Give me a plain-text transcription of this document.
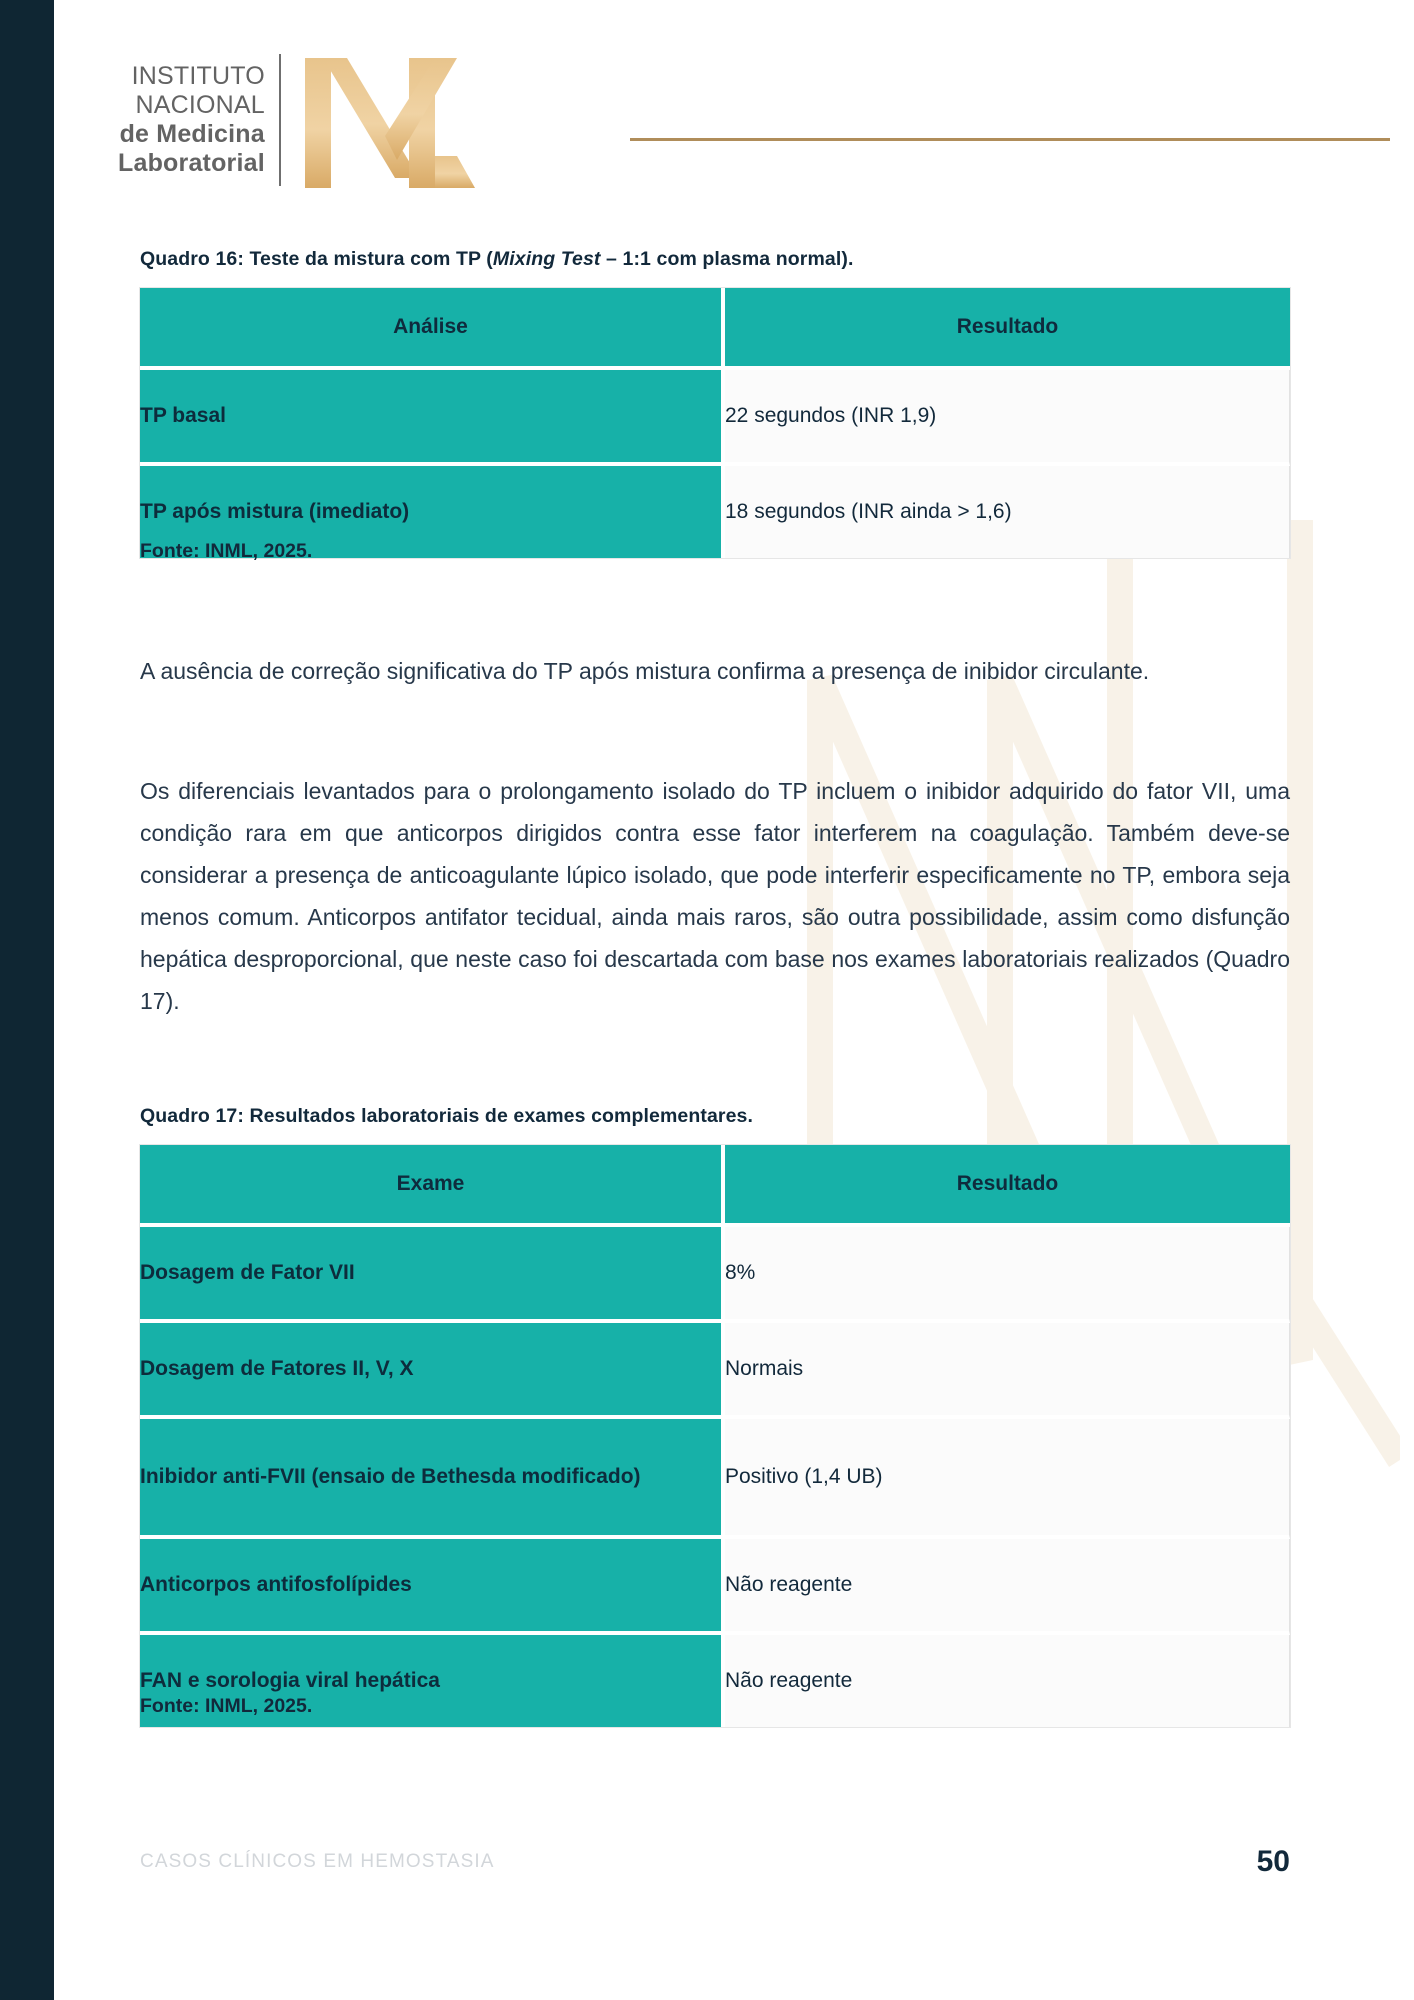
INSTITUTO
NACIONAL
de Medicina
Laboratorial

Quadro 16: Teste da mistura com TP (Mixing Test – 1:1 com plasma normal).

Análise	Resultado
TP basal	22 segundos (INR 1,9)
TP após mistura (imediato)	18 segundos (INR ainda > 1,6)

Fonte: INML, 2025.

A ausência de correção significativa do TP após mistura confirma a presença de inibidor circulante.

Os diferenciais levantados para o prolongamento isolado do TP incluem o inibidor adquirido do fator VII, uma condição rara em que anticorpos dirigidos contra esse fator interferem na coagulação. Também deve-se considerar a presença de anticoagulante lúpico isolado, que pode interferir especificamente no TP, embora seja menos comum. Anticorpos antifator tecidual, ainda mais raros, são outra possibilidade, assim como disfunção hepática desproporcional, que neste caso foi descartada com base nos exames laboratoriais realizados (Quadro 17).

Quadro 17: Resultados laboratoriais de exames complementares.

Exame	Resultado
Dosagem de Fator VII	8%
Dosagem de Fatores II, V, X	Normais
Inibidor anti-FVII (ensaio de Bethesda modificado)	Positivo (1,4 UB)
Anticorpos antifosfolípides	Não reagente
FAN e sorologia viral hepática	Não reagente

Fonte: INML, 2025.

CASOS CLÍNICOS EM HEMOSTASIA	50
